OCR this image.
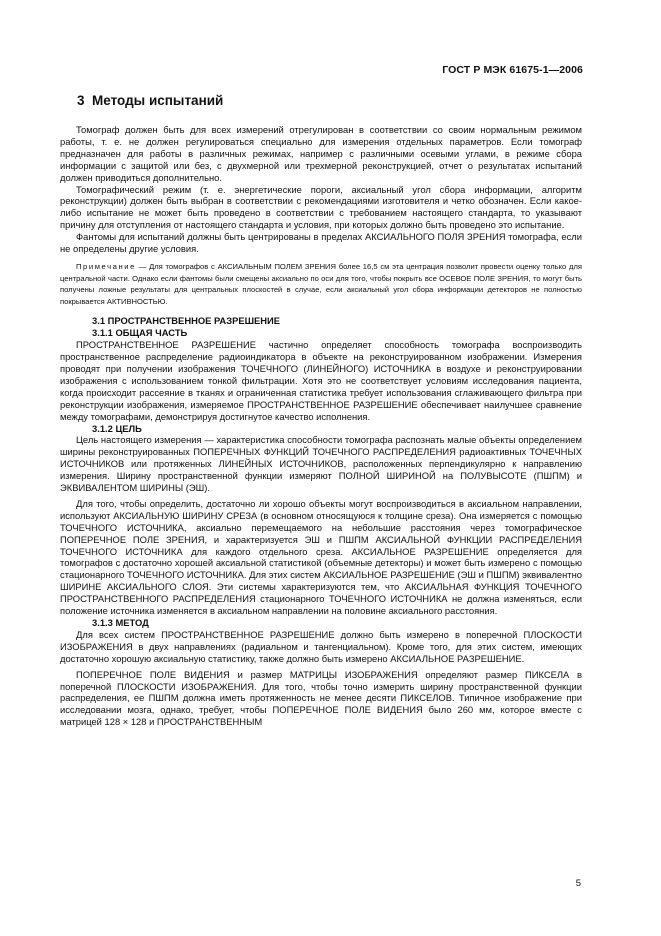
ГОСТ Р МЭК 61675-1—2006
3 Методы испытаний

Томограф должен быть для всех измерений отрегулирован в соответствии со своим нормальным режимом работы, т. е. не должен регулироваться специально для измерения отдельных параметров. Если томограф предназначен для работы в различных режимах, например с различными осевыми углами, в режиме сбора информации с защитой или без, с двухмерной или трехмерной реконструкцией, отчет о результатах испытаний должен приводиться дополнительно.

Томографический режим (т. е. энергетические пороги, аксиальный угол сбора информации, алгоритм реконструкции) должен быть выбран в соответствии с рекомендациями изготовителя и четко обозначен. Если какое-либо испытание не может быть проведено в соответствии с требованием настоящего стандарта, то указывают причину для отступления от настоящего стандарта и условия, при которых должно быть проведено это испытание.

Фантомы для испытаний должны быть центрированы в пределах АКСИАЛЬНОГО ПОЛЯ ЗРЕНИЯ томографа, если не определены другие условия.

Примечание — Для томографов с АКСИАЛЬНЫМ ПОЛЕМ ЗРЕНИЯ более 16,5 см эта центрация позволит провести оценку только для центральной части. Однако если фантомы были смещены аксиально по оси для того, чтобы покрыть все ОСЕВОЕ ПОЛЕ ЗРЕНИЯ, то могут быть получены ложные результаты для центральных плоскостей в случае, если аксиальный угол сбора информации детекторов не полностью покрывается АКТИВНОСТЬЮ.

3.1 ПРОСТРАНСТВЕННОЕ РАЗРЕШЕНИЕ

3.1.1 ОБЩАЯ ЧАСТЬ

ПРОСТРАНСТВЕННОЕ РАЗРЕШЕНИЕ частично определяет способность томографа воспроизводить пространственное распределение радиоиндикатора в объекте на реконструированном изображении. Измерения проводят при получении изображения ТОЧЕЧНОГО (ЛИНЕЙНОГО) ИСТОЧНИКА в воздухе и реконструировании изображения с использованием тонкой фильтрации. Хотя это не соответствует условиям исследования пациента, когда происходит рассеяние в тканях и ограниченная статистика требует использования сглаживающего фильтра при реконструкции изображения, измеряемое ПРОСТРАНСТВЕННОЕ РАЗРЕШЕНИЕ обеспечивает наилучшее сравнение между томографами, демонстрируя достигнутое качество исполнения.

3.1.2 ЦЕЛЬ

Цель настоящего измерения — характеристика способности томографа распознать малые объекты определением ширины реконструированных ПОПЕРЕЧНЫХ ФУНКЦИЙ ТОЧЕЧНОГО РАСПРЕДЕЛЕНИЯ радиоактивных ТОЧЕЧНЫХ ИСТОЧНИКОВ или протяженных ЛИНЕЙНЫХ ИСТОЧНИКОВ, расположенных перпендикулярно к направлению измерения. Ширину пространственной функции измеряют ПОЛНОЙ ШИРИНОЙ на ПОЛУВЫСОТЕ (ПШПМ) и ЭКВИВАЛЕНТОМ ШИРИНЫ (ЭШ).

Для того, чтобы определить, достаточно ли хорошо объекты могут воспроизводиться в аксиальном направлении, используют АКСИАЛЬНУЮ ШИРИНУ СРЕЗА (в основном относящуюся к толщине среза). Она измеряется с помощью ТОЧЕЧНОГО ИСТОЧНИКА, аксиально перемещаемого на небольшие расстояния через томографическое ПОПЕРЕЧНОЕ ПОЛЕ ЗРЕНИЯ, и характеризуется ЭШ и ПШПМ АКСИАЛЬНОЙ ФУНКЦИИ РАСПРЕДЕЛЕНИЯ ТОЧЕЧНОГО ИСТОЧНИКА для каждого отдельного среза. АКСИАЛЬНОЕ РАЗРЕШЕНИЕ определяется для томографов с достаточно хорошей аксиальной статистикой (объемные детекторы) и может быть измерено с помощью стационарного ТОЧЕЧНОГО ИСТОЧНИКА. Для этих систем АКСИАЛЬНОЕ РАЗРЕШЕНИЕ (ЭШ и ПШПМ) эквивалентно ШИРИНЕ АКСИАЛЬНОГО СЛОЯ. Эти системы характеризуются тем, что АКСИАЛЬНАЯ ФУНКЦИЯ ТОЧЕЧНОГО ПРОСТРАНСТВЕННОГО РАСПРЕДЕЛЕНИЯ стационарного ТОЧЕЧНОГО ИСТОЧНИКА не должна изменяться, если положение источника изменяется в аксиальном направлении на половине аксиального расстояния.

3.1.3 МЕТОД

Для всех систем ПРОСТРАНСТВЕННОЕ РАЗРЕШЕНИЕ должно быть измерено в поперечной ПЛОСКОСТИ ИЗОБРАЖЕНИЯ в двух направлениях (радиальном и тангенциальном). Кроме того, для этих систем, имеющих достаточно хорошую аксиальную статистику, также должно быть измерено АКСИАЛЬНОЕ РАЗРЕШЕНИЕ.

ПОПЕРЕЧНОЕ ПОЛЕ ВИДЕНИЯ и размер МАТРИЦЫ ИЗОБРАЖЕНИЯ определяют размер ПИКСЕЛА в поперечной ПЛОСКОСТИ ИЗОБРАЖЕНИЯ. Для того, чтобы точно измерить ширину пространственной функции распределения, ее ПШПМ должна иметь протяженность не менее десяти ПИКСЕЛОВ. Типичное изображение при исследовании мозга, однако, требует, чтобы ПОПЕРЕЧНОЕ ПОЛЕ ВИДЕНИЯ было 260 мм, которое вместе с матрицей 128 × 128 и ПРОСТРАНСТВЕННЫМ

5
